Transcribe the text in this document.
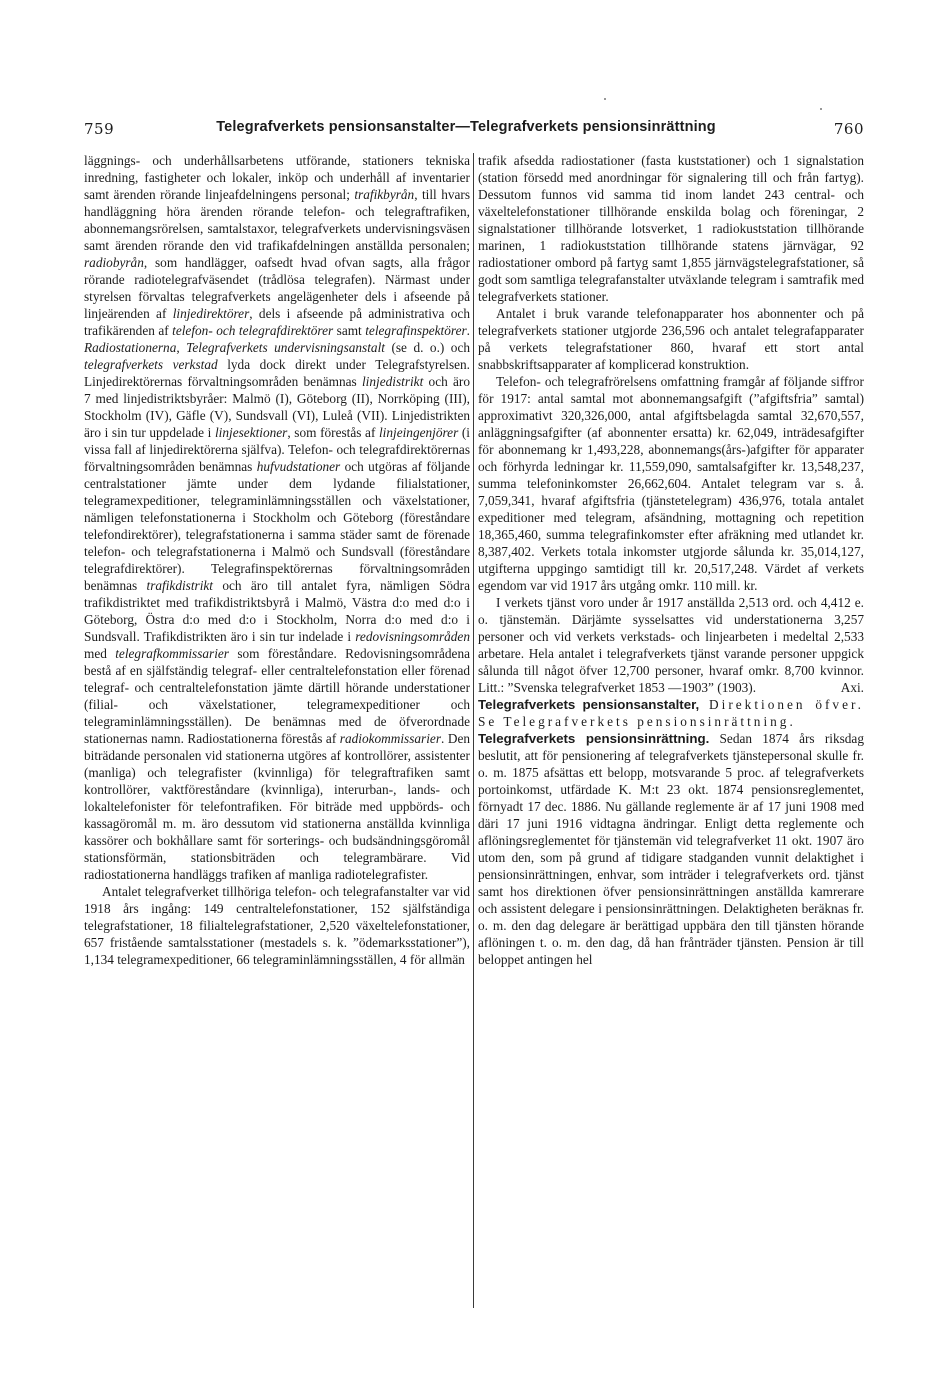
759	Telegrafverkets pensionsanstalter—Telegrafverkets pensionsinrättning	760

läggnings- och underhållsarbetens utförande, stationers tekniska inredning, fastigheter och lokaler, inköp och underhåll af inventarier samt ärenden rörande linjeafdelningens personal; trafikbyrån, till hvars handläggning höra ärenden rörande telefon- och telegraftrafiken, abonnemangsrörelsen, samtalstaxor, telegrafverkets undervisningsväsen samt ärenden rörande den vid trafikafdelningen anställda personalen; radiobyrån, som handlägger, oafsedt hvad ofvan sagts, alla frågor rörande radiotelegrafväsendet (trådlösa telegrafen). Närmast under styrelsen förvaltas telegrafverkets angelägenheter dels i afseende på linjeärenden af linjedirektörer, dels i afseende på administrativa och trafikärenden af telefon- och telegrafdirektörer samt telegrafinspektörer. Radiostationerna, Telegrafverkets undervisningsanstalt (se d. o.) och telegrafverkets verkstad lyda dock direkt under Telegrafstyrelsen. Linjedirektörernas förvaltningsområden benämnas linjedistrikt och äro 7 med linjedistriktsbyråer: Malmö (I), Göteborg (II), Norrköping (III), Stockholm (IV), Gäfle (V), Sundsvall (VI), Luleå (VII). Linjedistrikten äro i sin tur uppdelade i linjesektioner, som förestås af linjeingenjörer (i vissa fall af linjedirektörerna själfva). Telefon- och telegrafdirektörernas förvaltningsområden benämnas hufvudstationer och utgöras af följande centralstationer jämte under dem lydande filialstationer, telegramexpeditioner, telegraminlämningsställen och växelstationer, nämligen telefonstationerna i Stockholm och Göteborg (föreståndare telefondirektörer), telegrafstationerna i samma städer samt de förenade telefon- och telegrafstationerna i Malmö och Sundsvall (föreståndare telegrafdirektörer). Telegrafinspektörernas förvaltningsområden benämnas trafikdistrikt och äro till antalet fyra, nämligen Södra trafikdistriktet med trafikdistriktsbyrå i Malmö, Västra d:o med d:o i Göteborg, Östra d:o med d:o i Stockholm, Norra d:o med d:o i Sundsvall. Trafikdistrikten äro i sin tur indelade i redovisningsområden med telegrafkommissarier som föreståndare. Redovisningsområdena bestå af en själfständig telegraf- eller centraltelefonstation eller förenad telegraf- och centraltelefonstation jämte därtill hörande understationer (filial- och växelstationer, telegramexpeditioner och telegraminlämningsställen). De benämnas med de öfverordnade stationernas namn. Radiostationerna förestås af radiokommissarier. Den biträdande personalen vid stationerna utgöres af kontrollörer, assistenter (manliga) och telegrafister (kvinnliga) för telegraftrafiken samt kontrollörer, vaktföreståndare (kvinnliga), interurban-, lands- och lokaltelefonister för telefontrafiken. För biträde med uppbörds- och kassagöromål m. m. äro dessutom vid stationerna anställda kvinnliga kassörer och bokhållare samt för sorterings- och budsändningsgöromål stationsförmän, stationsbiträden och telegrambärare. Vid radiostationerna handläggs trafiken af manliga radiotelegrafister.

Antalet telegrafverket tillhöriga telefon- och telegrafanstalter var vid 1918 års ingång: 149 centraltelefonstationer, 152 själfständiga telegrafstationer, 18 filialtelegrafstationer, 2,520 växeltelefonstationer, 657 fristående samtalsstationer (mestadels s. k. ”ödemarksstationer”), 1,134 telegramexpeditioner, 66 telegraminlämningsställen, 4 för allmän

trafik afsedda radiostationer (fasta kuststationer) och 1 signalstation (station försedd med anordningar för signalering till och från fartyg). Dessutom funnos vid samma tid inom landet 243 central- och växeltelefonstationer tillhörande enskilda bolag och föreningar, 2 signalstationer tillhörande lotsverket, 1 radiokuststation tillhörande marinen, 1 radiokuststation tillhörande statens järnvägar, 92 radiostationer ombord på fartyg samt 1,855 järnvägstelegrafstationer, så godt som samtliga telegrafanstalter utväxlande telegram i samtrafik med telegrafverkets stationer.

Antalet i bruk varande telefonapparater hos abonnenter och på telegrafverkets stationer utgjorde 236,596 och antalet telegrafapparater på verkets telegrafstationer 860, hvaraf ett stort antal snabbskriftsapparater af komplicerad konstruktion.

Telefon- och telegrafrörelsens omfattning framgår af följande siffror för 1917: antal samtal mot abonnemangsafgift (”afgiftsfria” samtal) approximativt 320,326,000, antal afgiftsbelagda samtal 32,670,557, anläggningsafgifter (af abonnenter ersatta) kr. 62,049, inträdesafgifter för abonnemang kr 1,493,228, abonnemangs(års-)afgifter för apparater och förhyrda ledningar kr. 11,559,090, samtalsafgifter kr. 13,548,237, summa telefoninkomster 26,662,604. Antalet telegram var s. å. 7,059,341, hvaraf afgiftsfria (tjänstetelegram) 436,976, totala antalet expeditioner med telegram, afsändning, mottagning och repetition 18,365,460, summa telegrafinkomster efter afräkning med utlandet kr. 8,387,402. Verkets totala inkomster utgjorde sålunda kr. 35,014,127, utgifterna uppgingo samtidigt till kr. 20,517,248. Värdet af verkets egendom var vid 1917 års utgång omkr. 110 mill. kr.

I verkets tjänst voro under år 1917 anställda 2,513 ord. och 4,412 e. o. tjänstemän. Därjämte sysselsattes vid understationerna 3,257 personer och vid verkets verkstads- och linjearbeten i medeltal 2,533 arbetare. Hela antalet i telegrafverkets tjänst varande personer uppgick sålunda till något öfver 12,700 personer, hvaraf omkr. 8,700 kvinnor. Litt.: ”Svenska telegrafverket 1853 —1903” (1903).	Axi.

Telegrafverkets pensionsanstalter, Direktionen öfver. Se Telegrafverkets pensionsinrättning.

Telegrafverkets pensionsinrättning. Sedan 1874 års riksdag beslutit, att för pensionering af telegrafverkets tjänstepersonal skulle fr. o. m. 1875 afsättas ett belopp, motsvarande 5 proc. af telegrafverkets portoinkomst, utfärdade K. M:t 23 okt. 1874 pensionsreglementet, förnyadt 17 dec. 1886. Nu gällande reglemente är af 17 juni 1908 med däri 17 juni 1916 vidtagna ändringar. Enligt detta reglemente och aflöningsreglementet för tjänstemän vid telegrafverket 11 okt. 1907 äro utom den, som på grund af tidigare stadganden vunnit delaktighet i pensionsinrättningen, enhvar, som inträder i telegrafverkets ord. tjänst samt hos direktionen öfver pensionsinrättningen anställda kamrerare och assistent delegare i pensionsinrättningen. Delaktigheten beräknas fr. o. m. den dag delegare är berättigad uppbära den till tjänsten hörande aflöningen t. o. m. den dag, då han frånträder tjänsten. Pension är till beloppet antingen hel
